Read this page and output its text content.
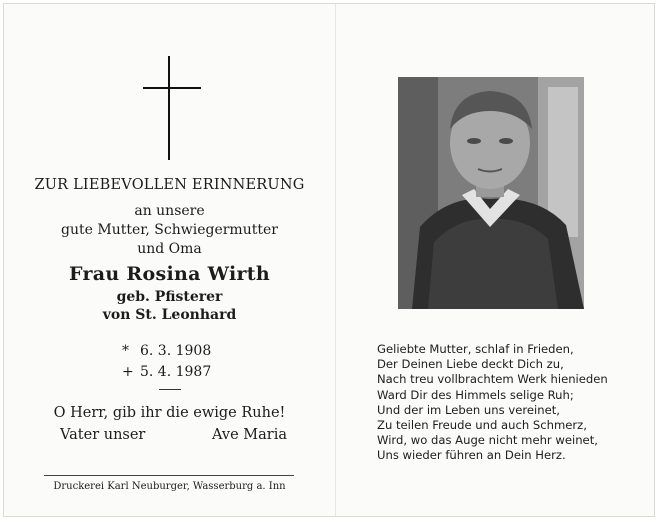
ZUR LIEBEVOLLEN ERINNERUNG
an unsere
gute Mutter, Schwiegermutter
und Oma
Frau Rosina Wirth
geb. Pfisterer
von St. Leonhard
* 6. 3. 1908
+ 5. 4. 1987
O Herr, gib ihr die ewige Ruhe!
Vater unser	Ave Maria
Druckerei Karl Neuburger, Wasserburg a. Inn
Geliebte Mutter, schlaf in Frieden,
Der Deinen Liebe deckt Dich zu,
Nach treu vollbrachtem Werk hienieden
Ward Dir des Himmels selige Ruh;
Und der im Leben uns vereinet,
Zu teilen Freude und auch Schmerz,
Wird, wo das Auge nicht mehr weinet,
Uns wieder führen an Dein Herz.
